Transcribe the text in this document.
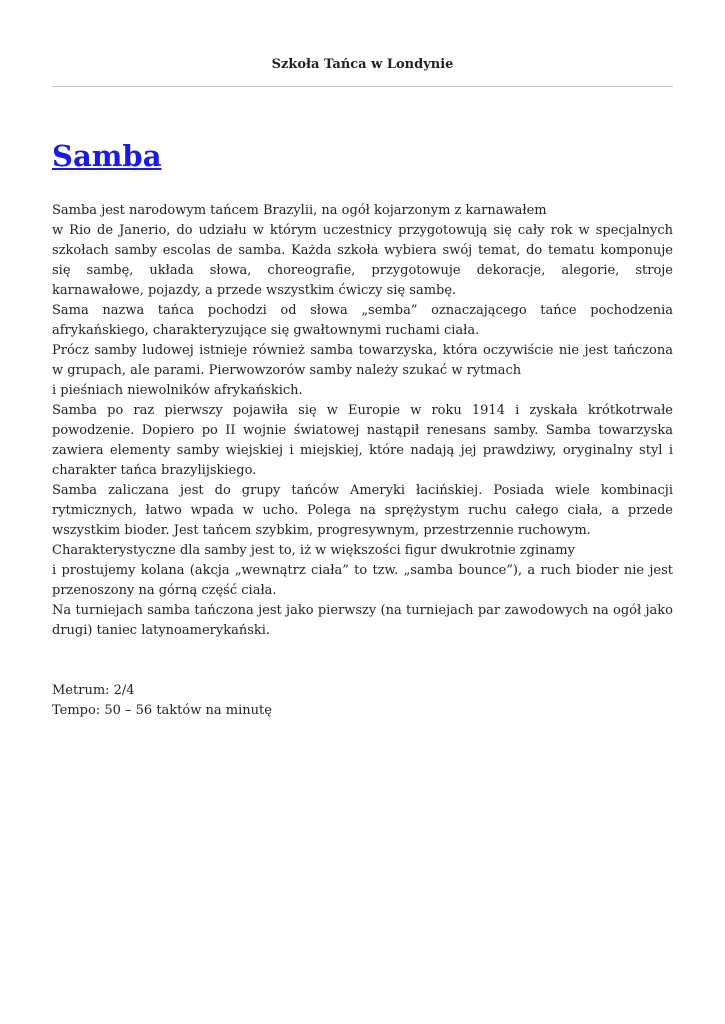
Szkoła Tańca w Londynie
Samba

Samba jest narodowym tańcem Brazylii, na ogół kojarzonym z karnawałem

w Rio de Janerio, do udziału w którym uczestnicy przygotowują się cały rok w specjalnych szkołach samby escolas de samba. Każda szkoła wybiera swój temat, do tematu komponuje się sambę, układa słowa, choreografie, przygotowuje dekoracje, alegorie, stroje karnawałowe, pojazdy, a przede wszystkim ćwiczy się sambę.

Sama nazwa tańca pochodzi od słowa „semba” oznaczającego tańce pochodzenia afrykańskiego, charakteryzujące się gwałtownymi ruchami ciała.

Prócz samby ludowej istnieje również samba towarzyska, która oczywiście nie jest tańczona w grupach, ale parami. Pierwowzorów samby należy szukać w rytmach

i pieśniach niewolników afrykańskich.

Samba po raz pierwszy pojawiła się w Europie w roku 1914 i zyskała krótkotrwałe powodzenie. Dopiero po II wojnie światowej nastąpił renesans samby. Samba towarzyska zawiera elementy samby wiejskiej i miejskiej, które nadają jej prawdziwy, oryginalny styl i charakter tańca brazylijskiego.

Samba zaliczana jest do grupy tańców Ameryki łacińskiej. Posiada wiele kombinacji rytmicznych, łatwo wpada w ucho. Polega na sprężystym ruchu całego ciała, a przede wszystkim bioder. Jest tańcem szybkim, progresywnym, przestrzennie ruchowym.

Charakterystyczne dla samby jest to, iż w większości figur dwukrotnie zginamy

i prostujemy kolana (akcja „wewnątrz ciała” to tzw. „samba bounce”), a ruch bioder nie jest przenoszony na górną część ciała.

Na turniejach samba tańczona jest jako pierwszy (na turniejach par zawodowych na ogół jako drugi) taniec latynoamerykański.

Metrum: 2/4

Tempo: 50 – 56 taktów na minutę
